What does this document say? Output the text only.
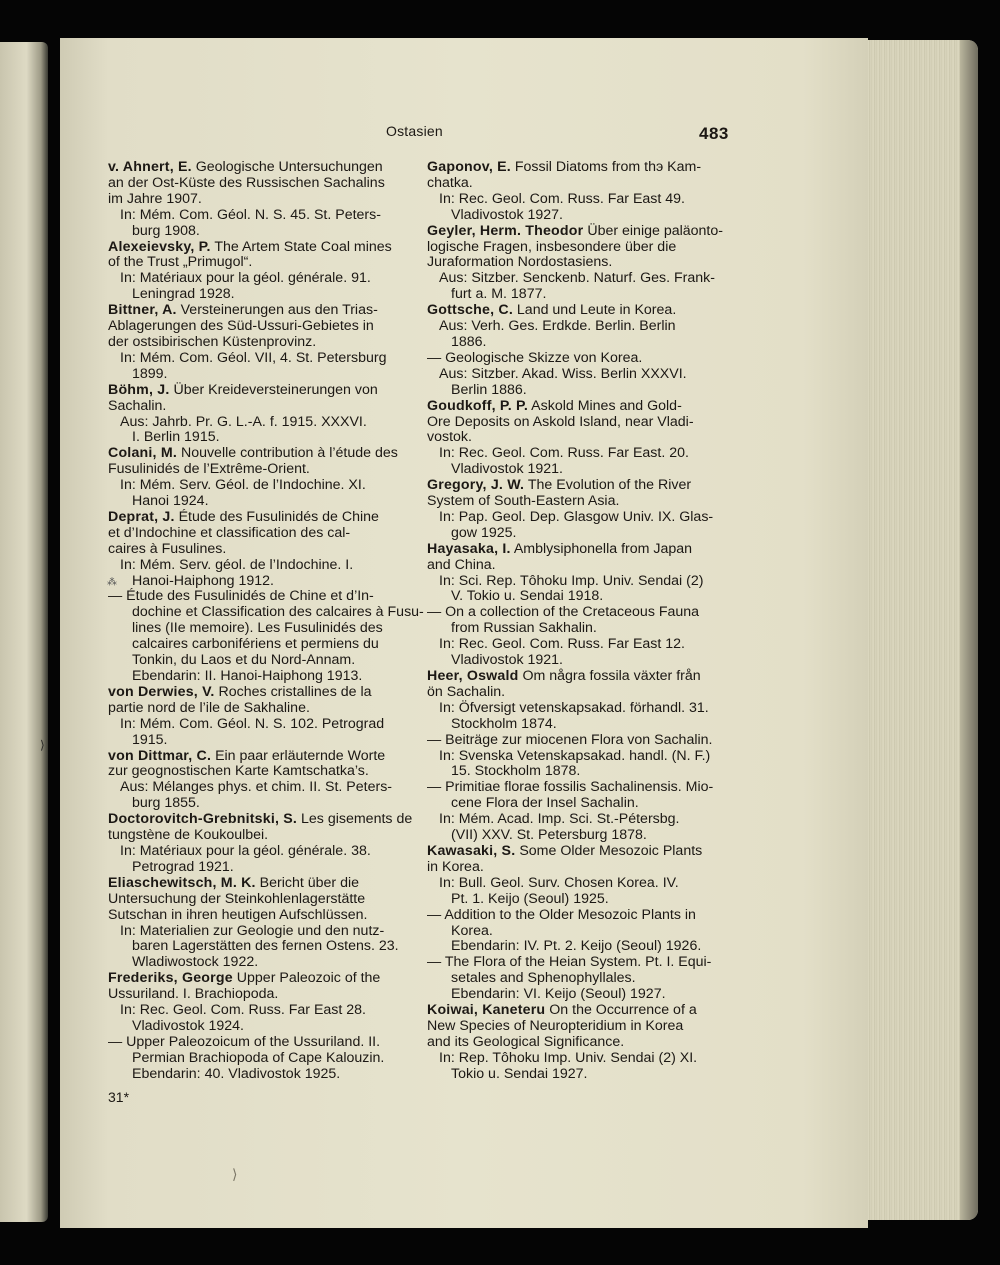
Ostasien	483
v. Ahnert, E. Geologische Untersuchungen
an der Ost-Küste des Russischen Sachalins
im Jahre 1907.
In: Mém. Com. Géol. N. S. 45. St. Peters-
burg 1908.
Alexeievsky, P. The Artem State Coal mines
of the Trust „Primugol“.
In: Matériaux pour la géol. générale. 91.
Leningrad 1928.
Bittner, A. Versteinerungen aus den Trias-
Ablagerungen des Süd-Ussuri-Gebietes in
der ostsibirischen Küstenprovinz.
In: Mém. Com. Géol. VII, 4. St. Petersburg
1899.
Böhm, J. Über Kreideversteinerungen von
Sachalin.
Aus: Jahrb. Pr. G. L.-A. f. 1915. XXXVI.
I. Berlin 1915.
Colani, M. Nouvelle contribution à l’étude des
Fusulinidés de l’Extrême-Orient.
In: Mém. Serv. Géol. de l’Indochine. XI.
Hanoi 1924.
Deprat, J. Étude des Fusulinidés de Chine
et d’Indochine et classification des cal-
caires à Fusulines.
In: Mém. Serv. géol. de l’Indochine. I.
Hanoi-Haiphong 1912.
— Étude des Fusulinidés de Chine et d’In-
dochine et Classification des calcaires à Fusu-
lines (IIe memoire). Les Fusulinidés des
calcaires carbonifériens et permiens du
Tonkin, du Laos et du Nord-Annam.
Ebendarin: II. Hanoi-Haiphong 1913.
von Derwies, V. Roches cristallines de la
partie nord de l’ile de Sakhaline.
In: Mém. Com. Géol. N. S. 102. Petrograd
1915.
von Dittmar, C. Ein paar erläuternde Worte
zur geognostischen Karte Kamtschatka’s.
Aus: Mélanges phys. et chim. II. St. Peters-
burg 1855.
Doctorovitch-Grebnitski, S. Les gisements de
tungstène de Koukoulbei.
In: Matériaux pour la géol. générale. 38.
Petrograd 1921.
Eliaschewitsch, M. K. Bericht über die
Untersuchung der Steinkohlenlagerstätte
Sutschan in ihren heutigen Aufschlüssen.
In: Materialien zur Geologie und den nutz-
baren Lagerstätten des fernen Ostens. 23.
Wladiwostock 1922.
Frederiks, George Upper Paleozoic of the
Ussuriland. I. Brachiopoda.
In: Rec. Geol. Com. Russ. Far East 28.
Vladivostok 1924.
— Upper Paleozoicum of the Ussuriland. II.
Permian Brachiopoda of Cape Kalouzin.
Ebendarin: 40. Vladivostok 1925.
Gaponov, E. Fossil Diatoms from thэ Kam-
chatka.
In: Rec. Geol. Com. Russ. Far East 49.
Vladivostok 1927.
Geyler, Herm. Theodor Über einige paläonto-
logische Fragen, insbesondere über die
Juraformation Nordostasiens.
Aus: Sitzber. Senckenb. Naturf. Ges. Frank-
furt a. M. 1877.
Gottsche, C. Land und Leute in Korea.
Aus: Verh. Ges. Erdkde. Berlin. Berlin
1886.
— Geologische Skizze von Korea.
Aus: Sitzber. Akad. Wiss. Berlin XXXVI.
Berlin 1886.
Goudkoff, P. P. Askold Mines and Gold-
Ore Deposits on Askold Island, near Vladi-
vostok.
In: Rec. Geol. Com. Russ. Far East. 20.
Vladivostok 1921.
Gregory, J. W. The Evolution of the River
System of South-Eastern Asia.
In: Pap. Geol. Dep. Glasgow Univ. IX. Glas-
gow 1925.
Hayasaka, I. Amblysiphonella from Japan
and China.
In: Sci. Rep. Tôhoku Imp. Univ. Sendai (2)
V. Tokio u. Sendai 1918.
— On a collection of the Cretaceous Fauna
from Russian Sakhalin.
In: Rec. Geol. Com. Russ. Far East 12.
Vladivostok 1921.
Heer, Oswald Om några fossila växter från
ön Sachalin.
In: Öfversigt vetenskapsakad. förhandl. 31.
Stockholm 1874.
— Beiträge zur miocenen Flora von Sachalin.
In: Svenska Vetenskapsakad. handl. (N. F.)
15. Stockholm 1878.
— Primitiae florae fossilis Sachalinensis. Mio-
cene Flora der Insel Sachalin.
In: Mém. Acad. Imp. Sci. St.-Pétersbg.
(VII) XXV. St. Petersburg 1878.
Kawasaki, S. Some Older Mesozoic Plants
in Korea.
In: Bull. Geol. Surv. Chosen Korea. IV.
Pt. 1. Keijo (Seoul) 1925.
— Addition to the Older Mesozoic Plants in
Korea.
Ebendarin: IV. Pt. 2. Keijo (Seoul) 1926.
— The Flora of the Heian System. Pt. I. Equi-
setales and Sphenophyllales.
Ebendarin: VI. Keijo (Seoul) 1927.
Koiwai, Kaneteru On the Occurrence of a
New Species of Neuropteridium in Korea
and its Geological Significance.
In: Rep. Tôhoku Imp. Univ. Sendai (2) XI.
Tokio u. Sendai 1927.
⁂
31*
⟩
⟩
